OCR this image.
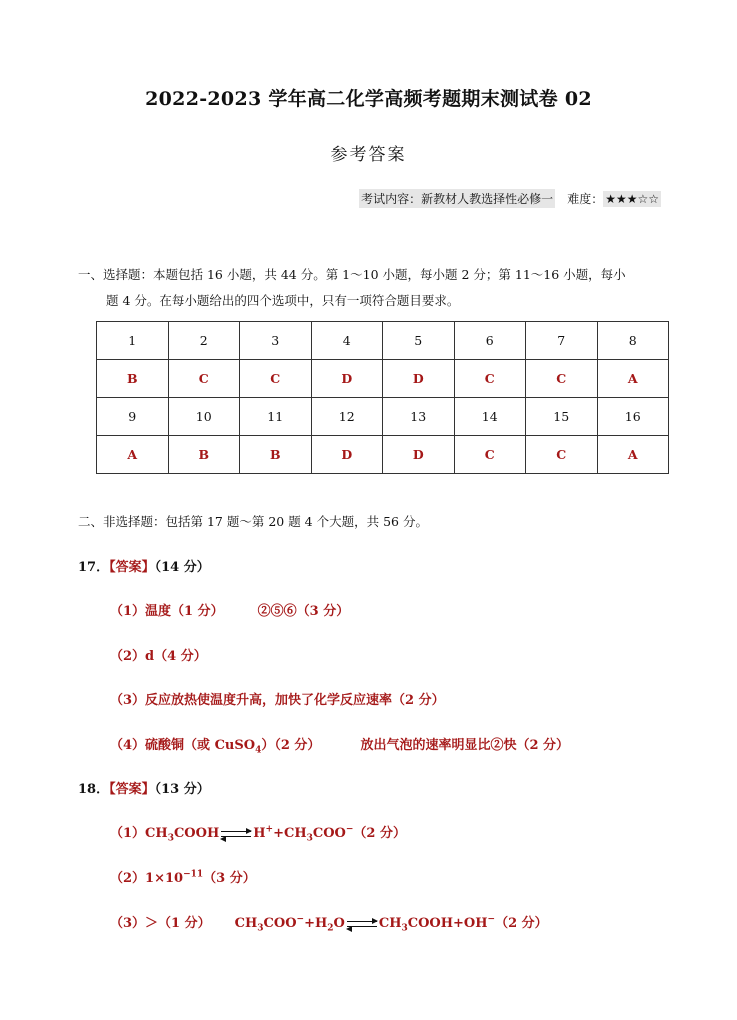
2022-2023 学年高二化学高频考题期末测试卷 02
参考答案
考试内容：新教材人教选择性必修一 难度： ★★★☆☆
一、选择题：本题包括 16 小题，共 44 分。第 1～10 小题，每小题 2 分；第 11～16 小题，每小
题 4 分。在每小题给出的四个选项中，只有一项符合题目要求。
1	2	3	4	5	6	7	8
B	C	C	D	D	C	C	A
9	10	11	12	13	14	15	16
A	B	B	D	D	C	C	A
二、非选择题：包括第 17 题～第 20 题 4 个大题，共 56 分。
17．【答案】（14 分）
（1）温度（1 分）	②⑤⑥（3 分）
（2）d（4 分）
（3）反应放热使温度升高，加快了化学反应速率（2 分）
（4）硫酸铜（或 CuSO$_4$）（2 分）	放出气泡的速率明显比②快（2 分）
18．【答案】（13 分）
$(1)CH_3COOH$ ⇌ $H^++CH_3COO^-(2$ 分）
$(2)1\times 10^{-11}(3$ 分）
（3）＞（1 分） $CH_3COO^-+H_2O$ ⇌ $CH_3COOH+OH^-(2$ 分）
